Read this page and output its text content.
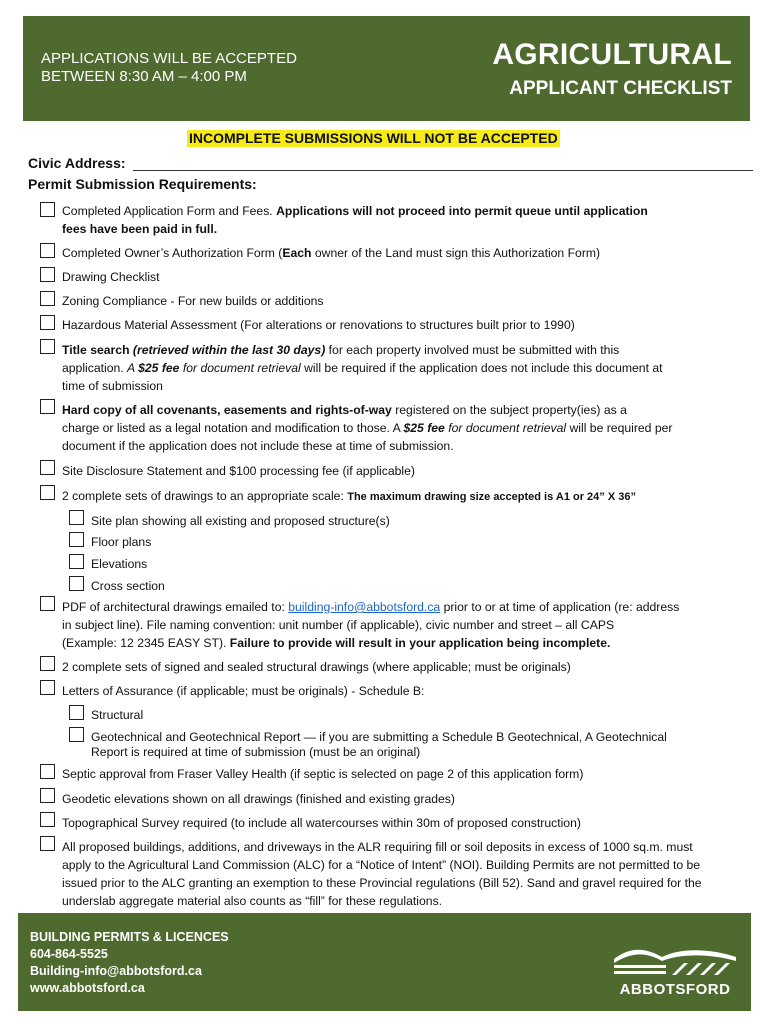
APPLICATIONS WILL BE ACCEPTED
BETWEEN 8:30 AM – 4:00 PM
AGRICULTURAL
APPLICANT CHECKLIST
INCOMPLETE SUBMISSIONS WILL NOT BE ACCEPTED
Civic Address:
Permit Submission Requirements:
Completed Application Form and Fees. Applications will not proceed into permit queue until application
fees have been paid in full.
Completed Owner’s Authorization Form (Each owner of the Land must sign this Authorization Form)
Drawing Checklist
Zoning Compliance - For new builds or additions
Hazardous Material Assessment (For alterations or renovations to structures built prior to 1990)
Title search (retrieved within the last 30 days) for each property involved must be submitted with this
application. A $25 fee for document retrieval will be required if the application does not include this document at
time of submission
Hard copy of all covenants, easements and rights-of-way registered on the subject property(ies) as a
charge or listed as a legal notation and modification to those. A $25 fee for document retrieval will be required per
document if the application does not include these at time of submission.
Site Disclosure Statement and $100 processing fee (if applicable)
2 complete sets of drawings to an appropriate scale: The maximum drawing size accepted is A1 or 24” X 36”
Site plan showing all existing and proposed structure(s)
Floor plans
Elevations
Cross section
PDF of architectural drawings emailed to: building-info@abbotsford.ca prior to or at time of application (re: address
in subject line). File naming convention: unit number (if applicable), civic number and street – all CAPS
(Example: 12 2345 EASY ST). Failure to provide will result in your application being incomplete.
2 complete sets of signed and sealed structural drawings (where applicable; must be originals)
Letters of Assurance (if applicable; must be originals) - Schedule B:
Structural
Geotechnical and Geotechnical Report — if you are submitting a Schedule B Geotechnical, A Geotechnical
Report is required at time of submission (must be an original)
Septic approval from Fraser Valley Health (if septic is selected on page 2 of this application form)
Geodetic elevations shown on all drawings (finished and existing grades)
Topographical Survey required (to include all watercourses within 30m of proposed construction)
All proposed buildings, additions, and driveways in the ALR requiring fill or soil deposits in excess of 1000 sq.m. must
apply to the Agricultural Land Commission (ALC) for a “Notice of Intent” (NOI). Building Permits are not permitted to be
issued prior to the ALC granting an exemption to these Provincial regulations (Bill 52). Sand and gravel required for the
underslab aggregate material also counts as “fill” for these regulations.
BUILDING PERMITS & LICENCES
604-864-5525
Building-info@abbotsford.ca
www.abbotsford.ca	ABBOTSFORD
